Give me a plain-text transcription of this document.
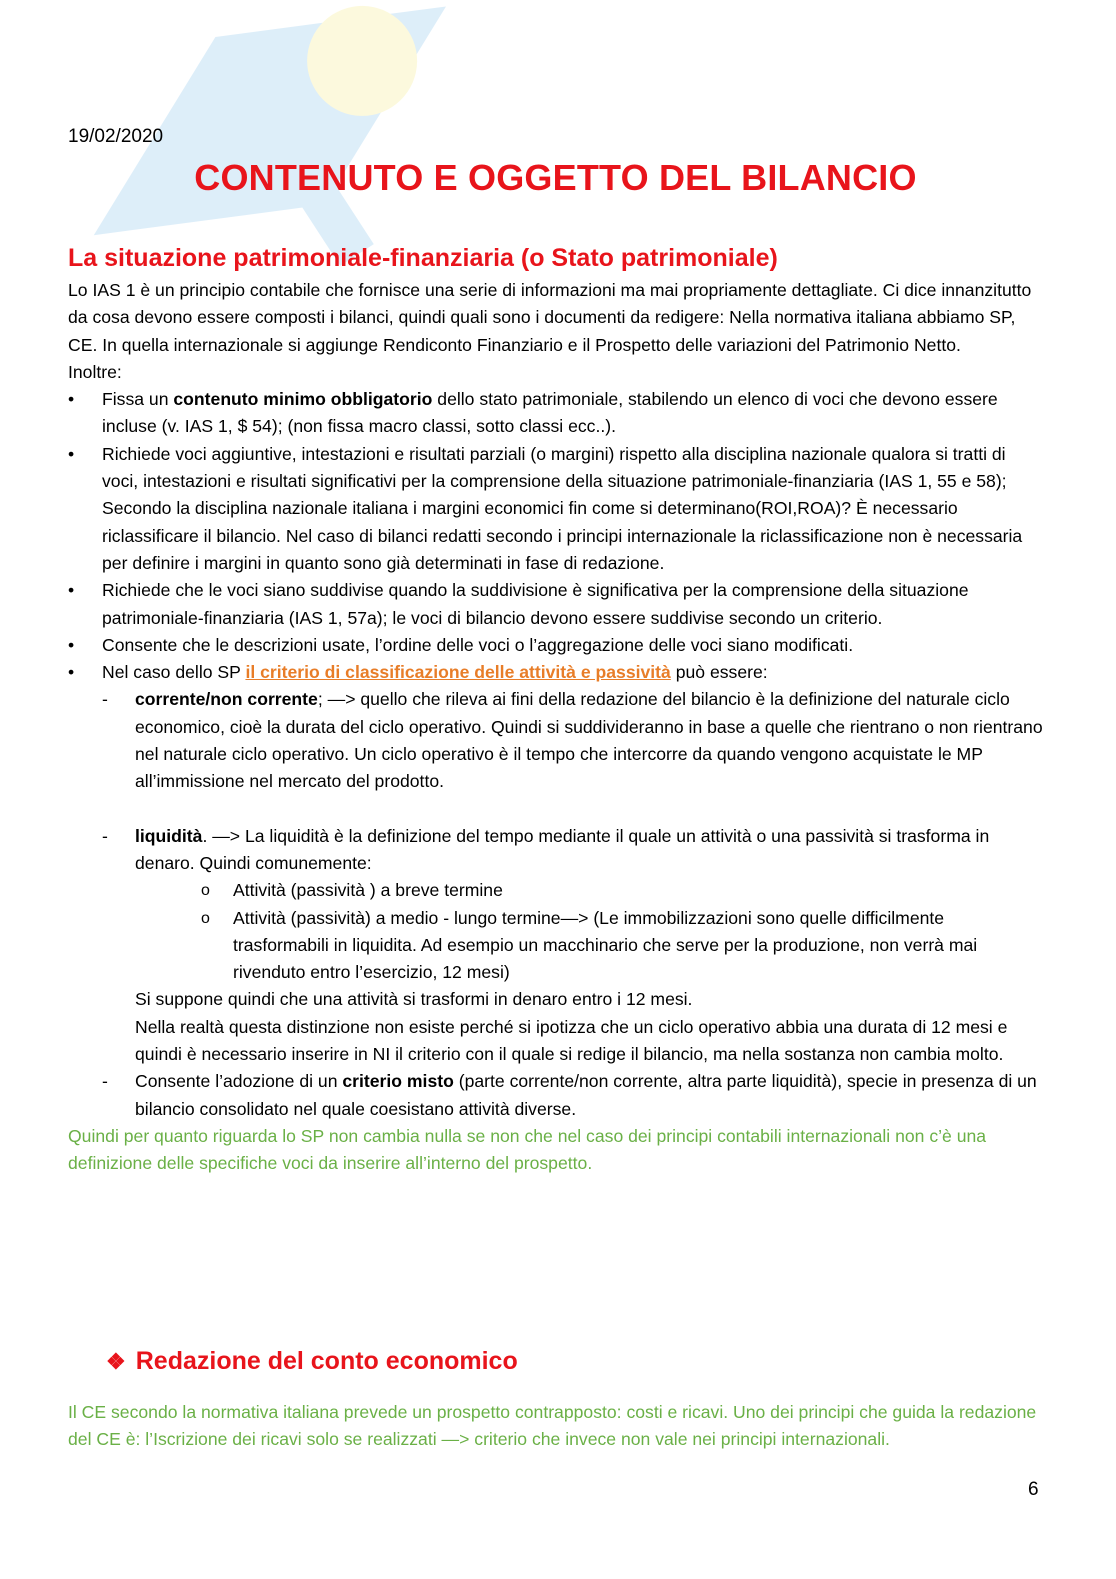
19/02/2020
CONTENUTO E OGGETTO DEL BILANCIO
La situazione patrimoniale-finanziaria (o Stato patrimoniale)

Lo IAS 1 è un principio contabile che fornisce una serie di informazioni ma mai propriamente dettagliate. Ci dice innanzitutto da cosa devono essere composti i bilanci, quindi quali sono i documenti da redigere: Nella normativa italiana abbiamo SP, CE. In quella internazionale si aggiunge Rendiconto Finanziario e il Prospetto delle variazioni del Patrimonio Netto.

Inoltre:

• Fissa un contenuto minimo obbligatorio dello stato patrimoniale, stabilendo un elenco di voci che devono essere incluse (v. IAS 1, $ 54); (non fissa macro classi, sotto classi ecc..).
• Richiede voci aggiuntive, intestazioni e risultati parziali (o margini) rispetto alla disciplina nazionale qualora si tratti di voci, intestazioni e risultati significativi per la comprensione della situazione patrimoniale-finanziaria (IAS 1, 55 e 58);
Secondo la disciplina nazionale italiana i margini economici fin come si determinano(ROI,ROA)? È necessario riclassificare il bilancio. Nel caso di bilanci redatti secondo i principi internazionale la riclassificazione non è necessaria per definire i margini in quanto sono già determinati in fase di redazione.
• Richiede che le voci siano suddivise quando la suddivisione è significativa per la comprensione della situazione patrimoniale-finanziaria (IAS 1, 57a); le voci di bilancio devono essere suddivise secondo un criterio.
• Consente che le descrizioni usate, l’ordine delle voci o l’aggregazione delle voci siano modificati.
• Nel caso dello SP il criterio di classificazione delle attività e passività può essere:
- corrente/non corrente; —> quello che rileva ai fini della redazione del bilancio è la definizione del naturale ciclo economico, cioè la durata del ciclo operativo. Quindi si suddivideranno in base a quelle che rientrano o non rientrano nel naturale ciclo operativo. Un ciclo operativo è il tempo che intercorre da quando vengono acquistate le MP all’immissione nel mercato del prodotto.
- liquidità. —> La liquidità è la definizione del tempo mediante il quale un attività o una passività si trasforma in denaro. Quindi comunemente:
o Attività (passività ) a breve termine
o Attività (passività) a medio - lungo termine—> (Le immobilizzazioni sono quelle difficilmente trasformabili in liquidita. Ad esempio un macchinario che serve per la produzione, non verrà mai rivenduto entro l’esercizio, 12 mesi)
Si suppone quindi che una attività si trasformi in denaro entro i 12 mesi.
Nella realtà questa distinzione non esiste perché si ipotizza che un ciclo operativo abbia una durata di 12 mesi e quindi è necessario inserire in NI il criterio con il quale si redige il bilancio, ma nella sostanza non cambia molto.
- Consente l’adozione di un criterio misto (parte corrente/non corrente, altra parte liquidità), specie in presenza di un bilancio consolidato nel quale coesistano attività diverse.

Quindi per quanto riguarda lo SP non cambia nulla se non che nel caso dei principi contabili internazionali non c’è una definizione delle specifiche voci da inserire all’interno del prospetto.

❖ Redazione del conto economico

Il CE secondo la normativa italiana prevede un prospetto contrapposto: costi e ricavi. Uno dei principi che guida la redazione del CE è: l’Iscrizione dei ricavi solo se realizzati —> criterio che invece non vale nei principi internazionali.

6
